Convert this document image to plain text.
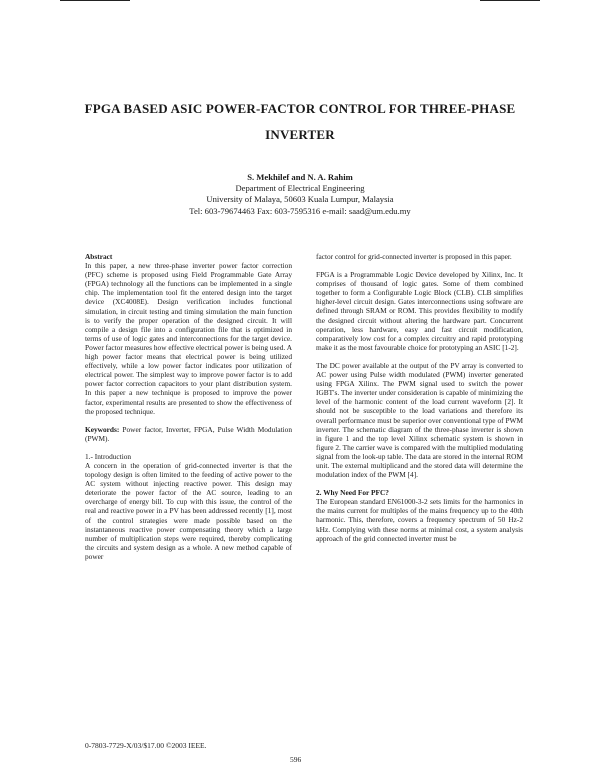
FPGA BASED ASIC POWER-FACTOR CONTROL FOR THREE-PHASE
INVERTER
S. Mekhilef and N. A. Rahim
Department of Electrical Engineering
University of Malaya, 50603 Kuala Lumpur, Malaysia
Tel: 603-79674463 Fax: 603-7595316 e-mail: saad@um.edu.my
Abstract

In this paper, a new three-phase inverter power factor correction (PFC) scheme is proposed using Field Programmable Gate Array (FPGA) technology all the functions can be implemented in a single chip. The implementation tool fit the entered design into the target device (XC4008E). Design verification includes functional simulation, in circuit testing and timing simulation the main function is to verify the proper operation of the designed circuit. It will compile a design file into a configuration file that is optimized in terms of use of logic gates and interconnections for the target device. Power factor measures how effective electrical power is being used. A high power factor means that electrical power is being utilized effectively, while a low power factor indicates poor utilization of electrical power. The simplest way to improve power factor is to add power factor correction capacitors to your plant distribution system. In this paper a new technique is proposed to improve the power factor, experimental results are presented to show the effectiveness of the proposed technique.

Keywords: Power factor, Inverter, FPGA, Pulse Width Modulation (PWM).

1.- Introduction

A concern in the operation of grid-connected inverter is that the topology design is often limited to the feeding of active power to the AC system without injecting reactive power. This design may deteriorate the power factor of the AC source, leading to an overcharge of energy bill. To cup with this issue, the control of the real and reactive power in a PV has been addressed recently [1], most of the control strategies were made possible based on the instantaneous reactive power compensating theory which a large number of multiplication steps were required, thereby complicating the circuits and system design as a whole. A new method capable of power

factor control for grid-connected inverter is proposed in this paper.

FPGA is a Programmable Logic Device developed by Xilinx, Inc. It comprises of thousand of logic gates. Some of them combined together to form a Configurable Logic Block (CLB). CLB simplifies higher-level circuit design. Gates interconnections using software are defined through SRAM or ROM. This provides flexibility to modify the designed circuit without altering the hardware part. Concurrent operation, less hardware, easy and fast circuit modification, comparatively low cost for a complex circuitry and rapid prototyping make it as the most favourable choice for prototyping an ASIC [1-2].

The DC power available at the output of the PV array is converted to AC power using Pulse width modulated (PWM) inverter generated using FPGA Xilinx. The PWM signal used to switch the power IGBT's. The inverter under consideration is capable of minimizing the level of the harmonic content of the load current waveform [2]. It should not be susceptible to the load variations and therefore its overall performance must be superior over conventional type of PWM inverter. The schematic diagram of the three-phase inverter is shown in figure 1 and the top level Xilinx schematic system is shown in figure 2. The carrier wave is compared with the multiplied modulating signal from the look-up table. The data are stored in the internal ROM unit. The external multiplicand and the stored data will determine the modulation index of the PWM [4].

2. Why Need For PFC?

The European standard EN61000-3-2 sets limits for the harmonics in the mains current for multiples of the mains frequency up to the 40th harmonic. This, therefore, covers a frequency spectrum of 50 Hz-2 kHz. Complying with these norms at minimal cost, a system analysis approach of the grid connected inverter must be

0-7803-7729-X/03/$17.00 ©2003 IEEE.
596
